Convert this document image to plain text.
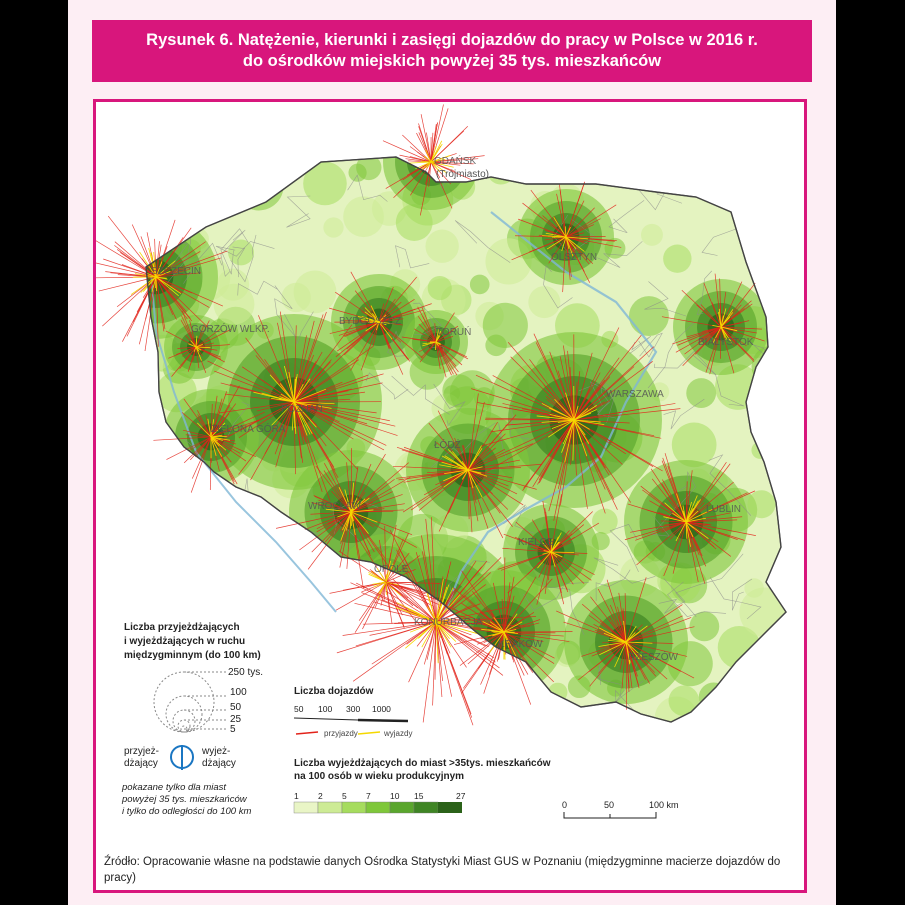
Rysunek 6. Natężenie, kierunki i zasięgi dojazdów do pracy w Polsce w 2016 r.
do ośrodków miejskich powyżej 35 tys. mieszkańców
GDAŃSK
(Trójmiasto)
OLSZTYN
SZCZECIN
BYDGOSZCZ
TORUŃ
GORZÓW WLKP.
BIAŁYSTOK
WARSZAWA
POZNAŃ
ZIELONA GÓRA
ŁÓDŹ
LUBLIN
WROCŁAW
KIELCE
OPOLE
KONURBACJA
KRAKÓW
RZESZÓW
Liczba przyjeżdżających
i wyjeżdżających w ruchu
międzygminnym (do 100 km)
250 tys.
100
50
25
5
przyjeż-
dżający
wyjeż-
dżający
pokazane tylko dla miast
powyżej 35 tys. mieszkańców
i tylko do odległości do 100 km
Liczba dojazdów
50 100 300 1000
przyjazdy	wyjazdy
Liczba wyjeżdżających do miast >35tys. mieszkańców
na 100 osób w wieku produkcyjnym
1 2 5 7 10 15	27
0	50	100 km
Źródło: Opracowanie własne na podstawie danych Ośrodka Statystyki Miast GUS w Poznaniu (międzygminne macierze dojazdów do pracy)
